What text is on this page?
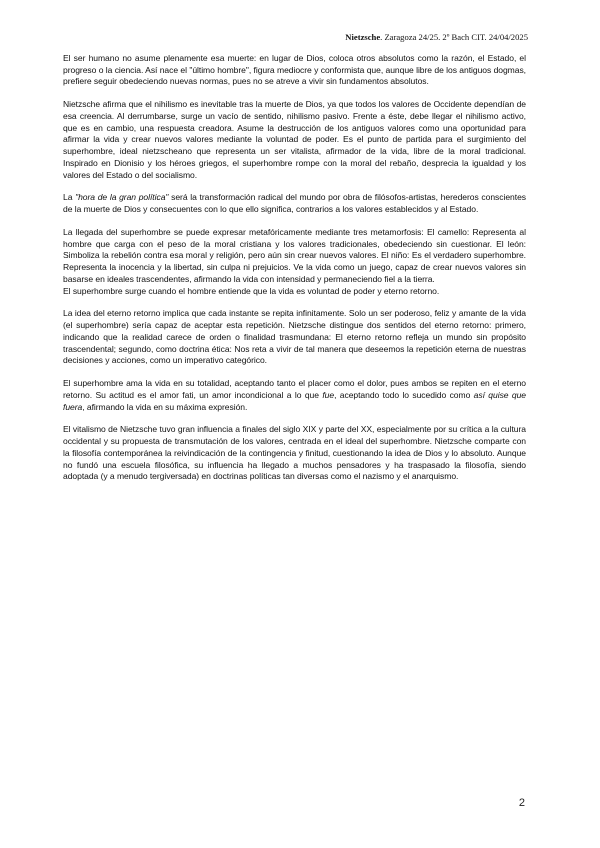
Nietzsche. Zaragoza 24/25. 2º Bach CIT. 24/04/2025

El ser humano no asume plenamente esa muerte: en lugar de Dios, coloca otros absolutos como la razón, el Estado, el progreso o la ciencia. Así nace el "último hombre", figura mediocre y conformista que, aunque libre de los antiguos dogmas, prefiere seguir obedeciendo nuevas normas, pues no se atreve a vivir sin fundamentos absolutos.

Nietzsche afirma que el nihilismo es inevitable tras la muerte de Dios, ya que todos los valores de Occidente dependían de esa creencia. Al derrumbarse, surge un vacío de sentido, nihilismo pasivo. Frente a éste, debe llegar el nihilismo activo, que es en cambio, una respuesta creadora. Asume la destrucción de los antiguos valores como una oportunidad para afirmar la vida y crear nuevos valores mediante la voluntad de poder. Es el punto de partida para el surgimiento del superhombre, ideal nietzscheano que representa un ser vitalista, afirmador de la vida, libre de la moral tradicional. Inspirado en Dionisio y los héroes griegos, el superhombre rompe con la moral del rebaño, desprecia la igualdad y los valores del Estado o del socialismo.

La "hora de la gran política" será la transformación radical del mundo por obra de filósofos-artistas, herederos conscientes de la muerte de Dios y consecuentes con lo que ello significa, contrarios a los valores establecidos y al Estado.

La llegada del superhombre se puede expresar metafóricamente mediante tres metamorfosis: El camello: Representa al hombre que carga con el peso de la moral cristiana y los valores tradicionales, obedeciendo sin cuestionar. El león: Simboliza la rebelión contra esa moral y religión, pero aún sin crear nuevos valores. El niño: Es el verdadero superhombre. Representa la inocencia y la libertad, sin culpa ni prejuicios. Ve la vida como un juego, capaz de crear nuevos valores sin basarse en ideales trascendentes, afirmando la vida con intensidad y permaneciendo fiel a la tierra.

El superhombre surge cuando el hombre entiende que la vida es voluntad de poder y eterno retorno.

La idea del eterno retorno implica que cada instante se repita infinitamente. Solo un ser poderoso, feliz y amante de la vida (el superhombre) sería capaz de aceptar esta repetición. Nietzsche distingue dos sentidos del eterno retorno: primero, indicando que la realidad carece de orden o finalidad trasmundana: El eterno retorno refleja un mundo sin propósito trascendental; segundo, como doctrina ética: Nos reta a vivir de tal manera que deseemos la repetición eterna de nuestras decisiones y acciones, como un imperativo categórico.

El superhombre ama la vida en su totalidad, aceptando tanto el placer como el dolor, pues ambos se repiten en el eterno retorno. Su actitud es el amor fati, un amor incondicional a lo que fue, aceptando todo lo sucedido como así quise que fuera, afirmando la vida en su máxima expresión.

El vitalismo de Nietzsche tuvo gran influencia a finales del siglo XIX y parte del XX, especialmente por su crítica a la cultura occidental y su propuesta de transmutación de los valores, centrada en el ideal del superhombre. Nietzsche comparte con la filosofía contemporánea la reivindicación de la contingencia y finitud, cuestionando la idea de Dios y lo absoluto. Aunque no fundó una escuela filosófica, su influencia ha llegado a muchos pensadores y ha traspasado la filosofía, siendo adoptada (y a menudo tergiversada) en doctrinas políticas tan diversas como el nazismo y el anarquismo.

2
